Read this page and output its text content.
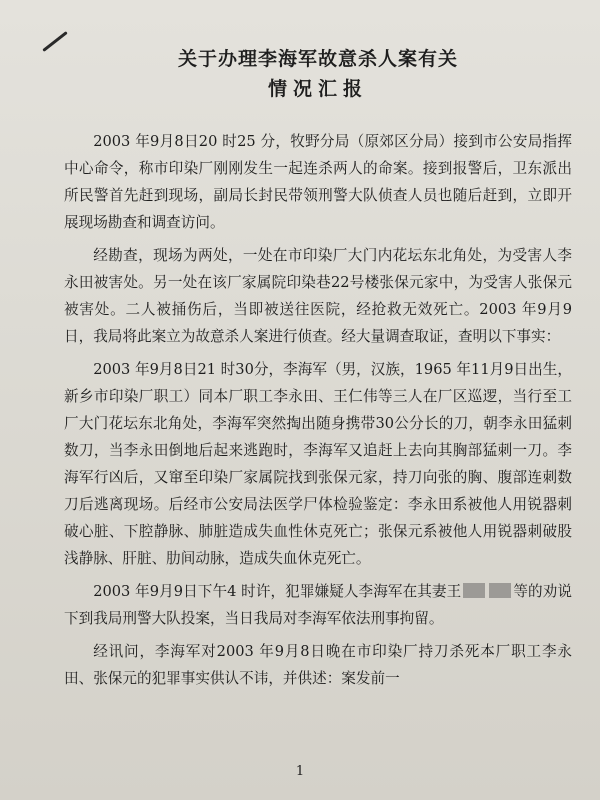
关于办理李海军故意杀人案有关
情况汇报

2003 年9月8日20 时25 分，牧野分局（原郊区分局）接到市公安局指挥中心命令，称市印染厂刚刚发生一起连杀两人的命案。接到报警后，卫东派出所民警首先赶到现场，副局长封民带领刑警大队侦查人员也随后赶到，立即开展现场勘查和调查访问。

经勘查，现场为两处，一处在市印染厂大门内花坛东北角处，为受害人李永田被害处。另一处在该厂家属院印染巷22号楼张保元家中，为受害人张保元被害处。二人被捅伤后，当即被送往医院，经抢救无效死亡。2003 年9月9日，我局将此案立为故意杀人案进行侦查。经大量调查取证，查明以下事实：

2003 年9月8日21 时30分，李海军（男，汉族，1965 年11月9日出生，新乡市印染厂职工）同本厂职工李永田、王仁伟等三人在厂区巡逻，当行至工厂大门花坛东北角处，李海军突然掏出随身携带30公分长的刀，朝李永田猛刺数刀，当李永田倒地后起来逃跑时，李海军又追赶上去向其胸部猛刺一刀。李海军行凶后，又窜至印染厂家属院找到张保元家，持刀向张的胸、腹部连刺数刀后逃离现场。后经市公安局法医学尸体检验鉴定：李永田系被他人用锐器刺破心脏、下腔静脉、肺脏造成失血性休克死亡；张保元系被他人用锐器刺破股浅静脉、肝脏、肋间动脉，造成失血休克死亡。

2003 年9月9日下午4 时许，犯罪嫌疑人李海军在其妻王	等的劝说下到我局刑警大队投案，当日我局对李海军依法刑事拘留。

经讯问，李海军对2003 年9月8日晚在市印染厂持刀杀死本厂职工李永田、张保元的犯罪事实供认不讳，并供述：案发前一

1
